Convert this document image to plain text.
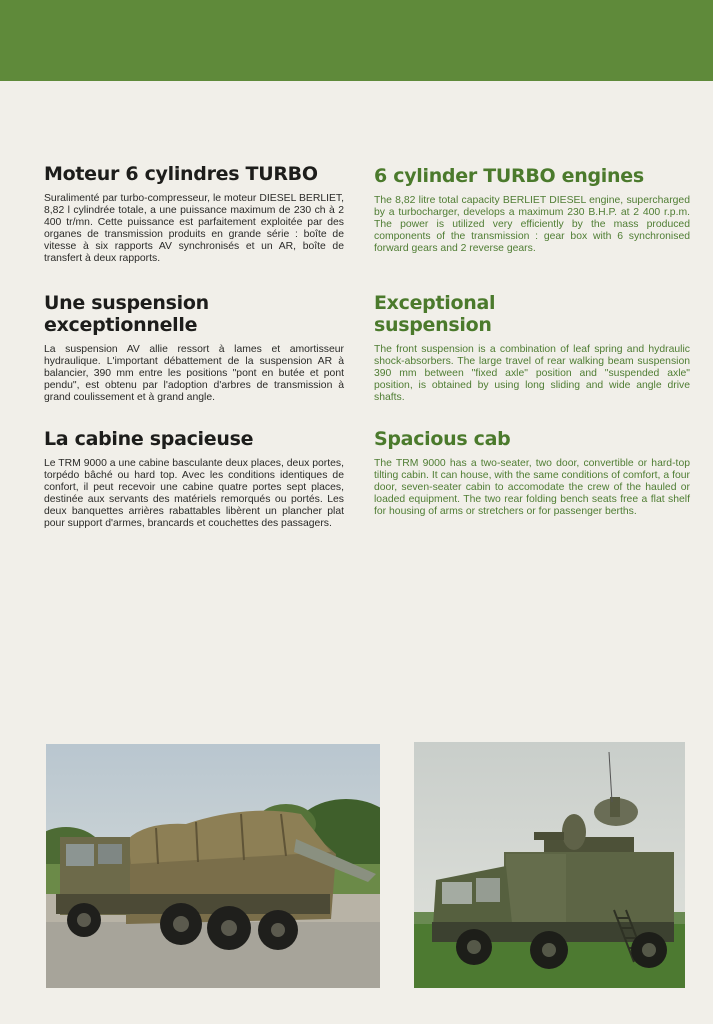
Moteur 6 cylindres TURBO

Suralimenté par turbo-compresseur, le moteur DIESEL BERLIET, 8,82 l cylindrée totale, a une puissance maximum de 230 ch à 2 400 tr/mn. Cette puissance est parfaitement exploitée par des organes de transmission produits en grande série : boîte de vitesse à six rapports AV synchronisés et un AR, boîte de transfert à deux rapports.

Une suspension
exceptionnelle

La suspension AV allie ressort à lames et amortisseur hydraulique. L'important débattement de la suspension AR à balancier, 390 mm entre les positions "pont en butée et pont pendu", est obtenu par l'adoption d'arbres de transmission à grand coulissement et à grand angle.

La cabine spacieuse

Le TRM 9000 a une cabine basculante deux places, deux portes, torpédo bâché ou hard top. Avec les conditions identiques de confort, il peut recevoir une cabine quatre portes sept places, destinée aux servants des matériels remorqués ou portés. Les deux banquettes arrières rabattables libèrent un plancher plat pour support d'armes, brancards et couchettes des passagers.

6 cylinder TURBO engines

The 8,82 litre total capacity BERLIET DIESEL engine, supercharged by a turbocharger, develops a maximum 230 B.H.P. at 2 400 r.p.m. The power is utilized very efficiently by the mass produced components of the transmission : gear box with 6 synchronised forward gears and 2 reverse gears.

Exceptional
suspension

The front suspension is a combination of leaf spring and hydraulic shock-absorbers. The large travel of rear walking beam suspension 390 mm between "fixed axle" position and "suspended axle" position, is obtained by using long sliding and wide angle drive shafts.

Spacious cab

The TRM 9000 has a two-seater, two door, convertible or hard-top tilting cabin. It can house, with the same conditions of comfort, a four door, seven-seater cabin to accomodate the crew of the hauled or loaded equipment. The two rear folding bench seats free a flat shelf for housing of arms or stretchers or for passenger berths.
